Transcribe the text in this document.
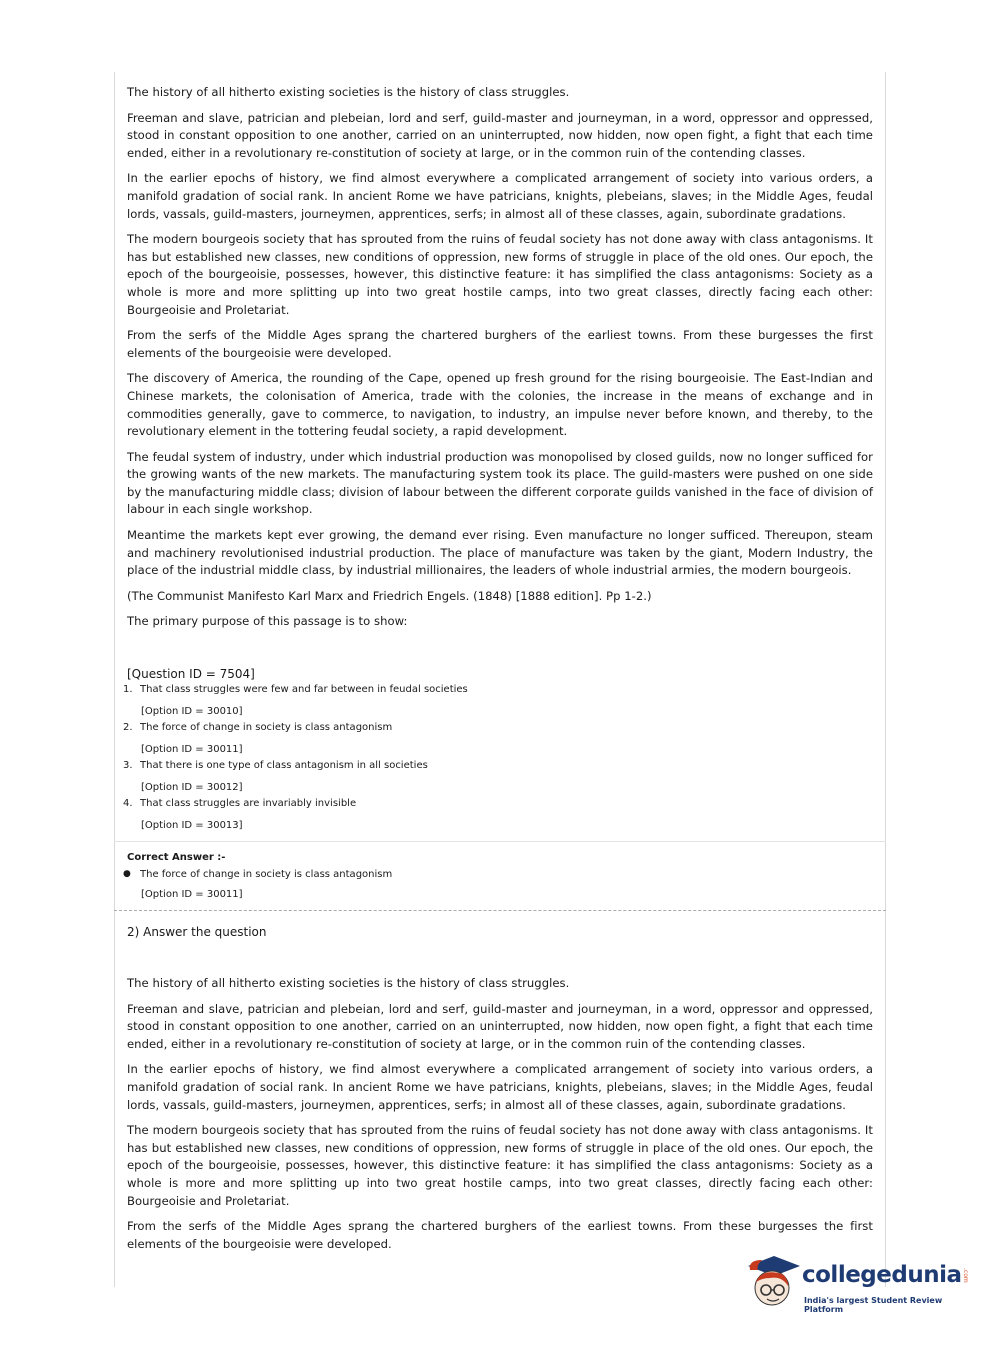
The history of all hitherto existing societies is the history of class struggles.

Freeman and slave, patrician and plebeian, lord and serf, guild-master and journeyman, in a word, oppressor and oppressed, stood in constant opposition to one another, carried on an uninterrupted, now hidden, now open fight, a fight that each time ended, either in a revolutionary re-constitution of society at large, or in the common ruin of the contending classes.

In the earlier epochs of history, we find almost everywhere a complicated arrangement of society into various orders, a manifold gradation of social rank. In ancient Rome we have patricians, knights, plebeians, slaves; in the Middle Ages, feudal lords, vassals, guild-masters, journeymen, apprentices, serfs; in almost all of these classes, again, subordinate gradations.

The modern bourgeois society that has sprouted from the ruins of feudal society has not done away with class antagonisms. It has but established new classes, new conditions of oppression, new forms of struggle in place of the old ones. Our epoch, the epoch of the bourgeoisie, possesses, however, this distinctive feature: it has simplified the class antagonisms: Society as a whole is more and more splitting up into two great hostile camps, into two great classes, directly facing each other: Bourgeoisie and Proletariat.

From the serfs of the Middle Ages sprang the chartered burghers of the earliest towns. From these burgesses the first elements of the bourgeoisie were developed.

The discovery of America, the rounding of the Cape, opened up fresh ground for the rising bourgeoisie. The East-Indian and Chinese markets, the colonisation of America, trade with the colonies, the increase in the means of exchange and in commodities generally, gave to commerce, to navigation, to industry, an impulse never before known, and thereby, to the revolutionary element in the tottering feudal society, a rapid development.

The feudal system of industry, under which industrial production was monopolised by closed guilds, now no longer sufficed for the growing wants of the new markets. The manufacturing system took its place. The guild-masters were pushed on one side by the manufacturing middle class; division of labour between the different corporate guilds vanished in the face of division of labour in each single workshop.

Meantime the markets kept ever growing, the demand ever rising. Even manufacture no longer sufficed. Thereupon, steam and machinery revolutionised industrial production. The place of manufacture was taken by the giant, Modern Industry, the place of the industrial middle class, by industrial millionaires, the leaders of whole industrial armies, the modern bourgeois.

(The Communist Manifesto Karl Marx and Friedrich Engels. (1848) [1888 edition]. Pp 1-2.)

The primary purpose of this passage is to show:

[Question ID = 7504]
1. That class struggles were few and far between in feudal societies
[Option ID = 30010]
2. The force of change in society is class antagonism
[Option ID = 30011]
3. That there is one type of class antagonism in all societies
[Option ID = 30012]
4. That class struggles are invariably invisible
[Option ID = 30013]
Correct Answer :-
● The force of change in society is class antagonism
[Option ID = 30011]
2) Answer the question

The history of all hitherto existing societies is the history of class struggles.

Freeman and slave, patrician and plebeian, lord and serf, guild-master and journeyman, in a word, oppressor and oppressed, stood in constant opposition to one another, carried on an uninterrupted, now hidden, now open fight, a fight that each time ended, either in a revolutionary re-constitution of society at large, or in the common ruin of the contending classes.

In the earlier epochs of history, we find almost everywhere a complicated arrangement of society into various orders, a manifold gradation of social rank. In ancient Rome we have patricians, knights, plebeians, slaves; in the Middle Ages, feudal lords, vassals, guild-masters, journeymen, apprentices, serfs; in almost all of these classes, again, subordinate gradations.

The modern bourgeois society that has sprouted from the ruins of feudal society has not done away with class antagonisms. It has but established new classes, new conditions of oppression, new forms of struggle in place of the old ones. Our epoch, the epoch of the bourgeoisie, possesses, however, this distinctive feature: it has simplified the class antagonisms: Society as a whole is more and more splitting up into two great hostile camps, into two great classes, directly facing each other: Bourgeoisie and Proletariat.

From the serfs of the Middle Ages sprang the chartered burghers of the earliest towns. From these burgesses the first elements of the bourgeoisie were developed.

collegedunia .com
India's largest Student Review Platform
